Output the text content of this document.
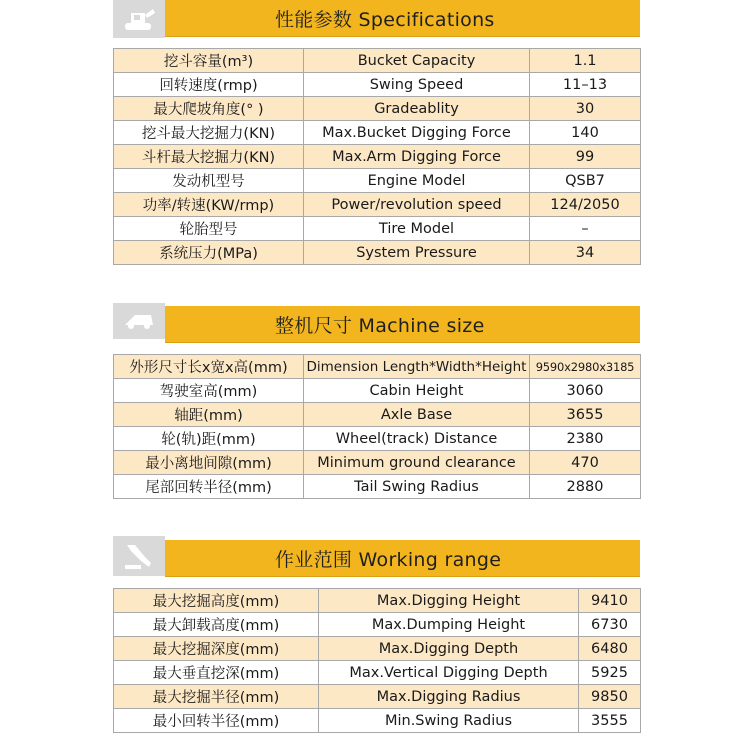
性能参数 Specifications
挖斗容量(m³)	Bucket Capacity	1.1
回转速度(rmp)	Swing Speed	11–13
最大爬坡角度(° )	Gradeablity	30
挖斗最大挖掘力(KN)	Max.Bucket Digging Force	140
斗杆最大挖掘力(KN)	Max.Arm Digging Force	99
发动机型号	Engine Model	QSB7
功率/转速(KW/rmp)	Power/revolution speed	124/2050
轮胎型号	Tire Model	–
系统压力(MPa)	System Pressure	34
整机尺寸 Machine size
外形尺寸长x宽x高(mm)	Dimension Length*Width*Height	9590x2980x3185
驾驶室高(mm)	Cabin Height	3060
轴距(mm)	Axle Base	3655
轮(轨)距(mm)	Wheel(track) Distance	2380
最小离地间隙(mm)	Minimum ground clearance	470
尾部回转半径(mm)	Tail Swing Radius	2880
作业范围 Working range
最大挖掘高度(mm)	Max.Digging Height	9410
最大卸载高度(mm)	Max.Dumping Height	6730
最大挖掘深度(mm)	Max.Digging Depth	6480
最大垂直挖深(mm)	Max.Vertical Digging Depth	5925
最大挖掘半径(mm)	Max.Digging Radius	9850
最小回转半径(mm)	Min.Swing Radius	3555
